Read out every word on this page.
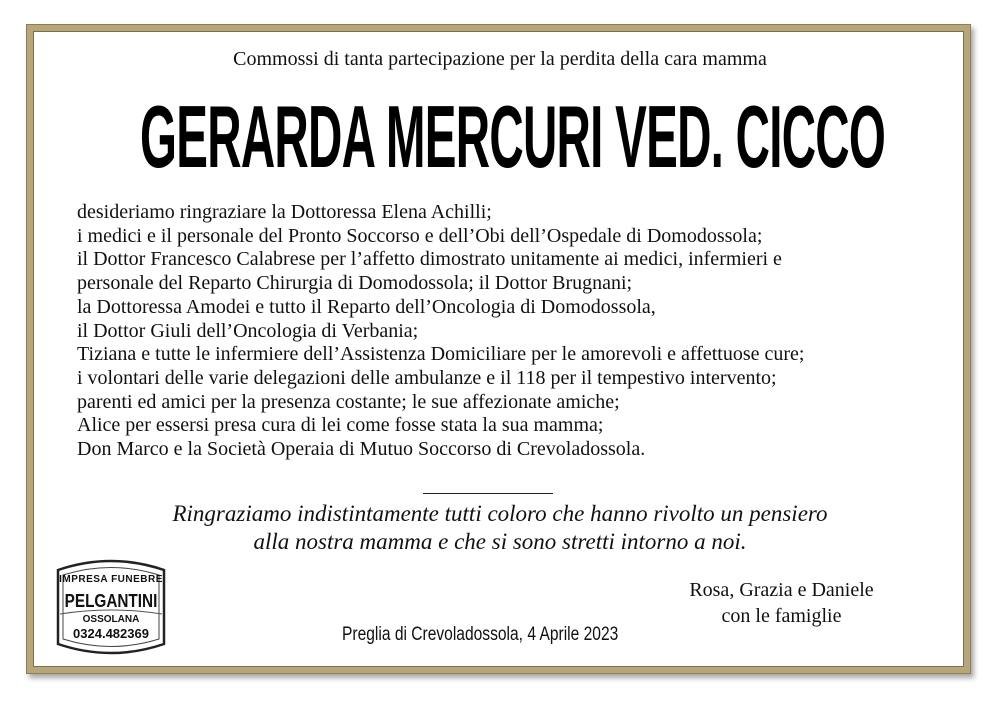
Commossi di tanta partecipazione per la perdita della cara mamma
GERARDA MERCURI VED. CICCO
desideriamo ringraziare la Dottoressa Elena Achilli;
i medici e il personale del Pronto Soccorso e dell’Obi dell’Ospedale di Domodossola;
il Dottor Francesco Calabrese per l’affetto dimostrato unitamente ai medici, infermieri e
personale del Reparto Chirurgia di Domodossola; il Dottor Brugnani;
la Dottoressa Amodei e tutto il Reparto dell’Oncologia di Domodossola,
il Dottor Giuli dell’Oncologia di Verbania;
Tiziana e tutte le infermiere dell’Assistenza Domiciliare per le amorevoli e affettuose cure;
i volontari delle varie delegazioni delle ambulanze e il 118 per il tempestivo intervento;
parenti ed amici per la presenza costante; le sue affezionate amiche;
Alice per essersi presa cura di lei come fosse stata la sua mamma;
Don Marco e la Società Operaia di Mutuo Soccorso di Crevoladossola.
Ringraziamo indistintamente tutti coloro che hanno rivolto un pensiero
alla nostra mamma e che si sono stretti intorno a noi.
Rosa, Grazia e Daniele
con le famiglie
Preglia di Crevoladossola, 4 Aprile 2023
IMPRESA FUNEBRE
PELGANTINI
OSSOLANA
0324.482369
